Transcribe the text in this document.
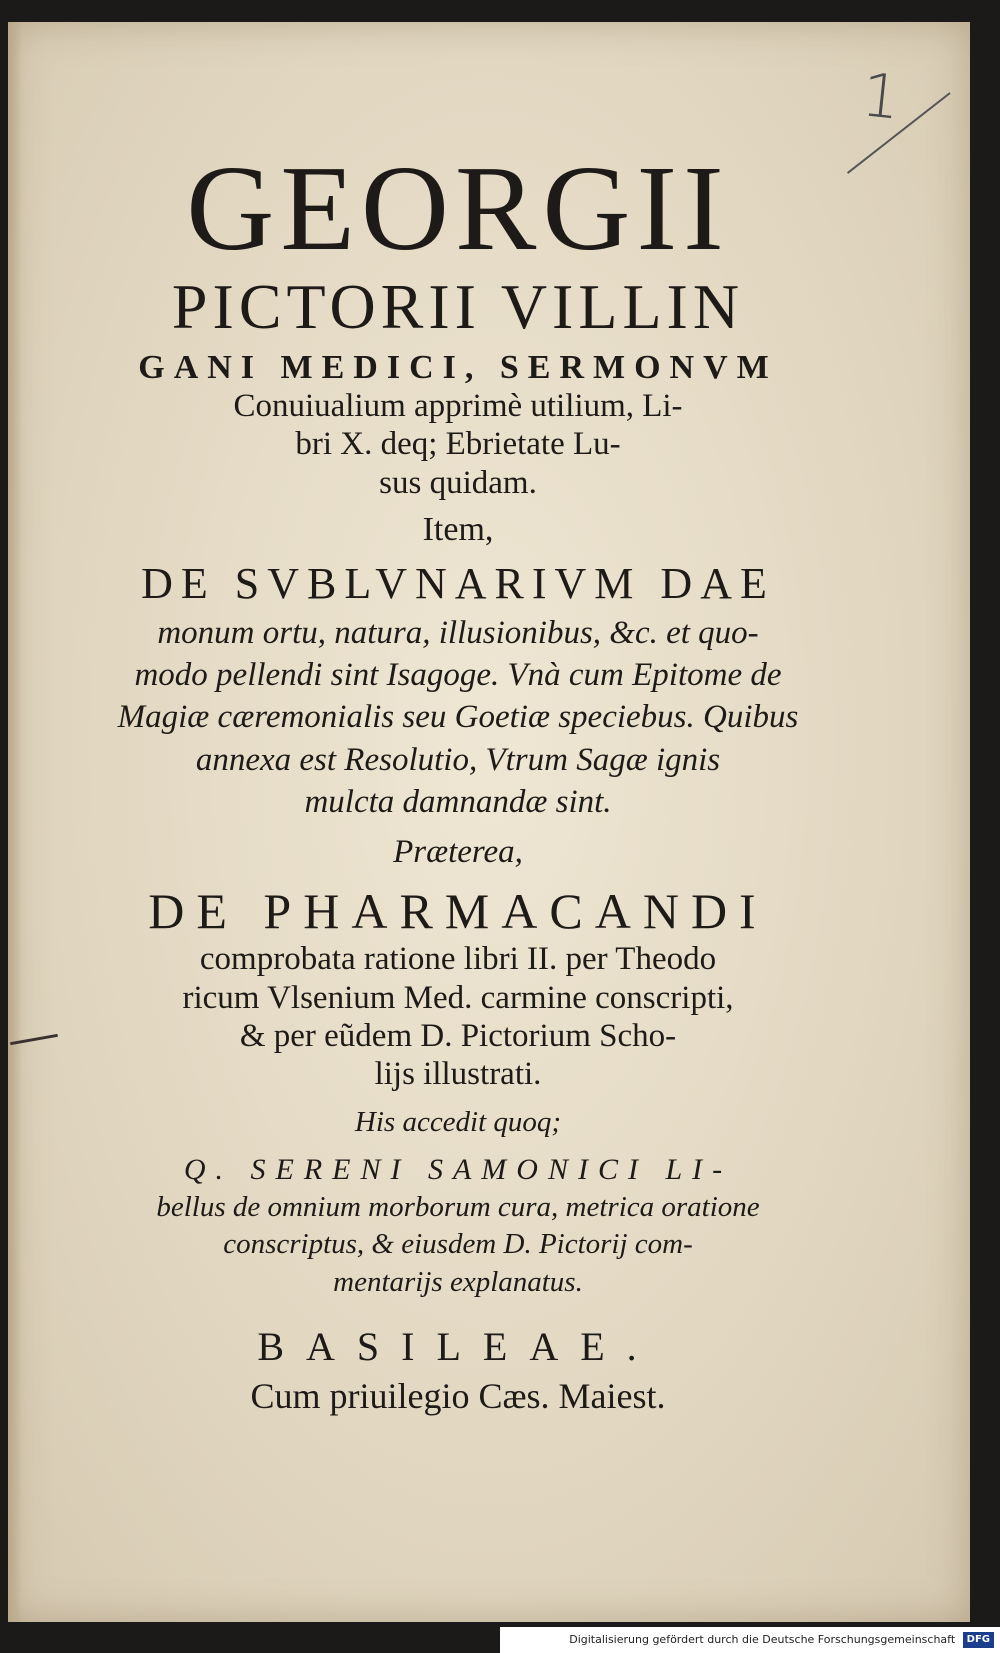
1

GEORGII

PICTORII VILLIN

GANI MEDICI, SERMONVM

Conuiualium apprimè utilium, Li-

bri X. deq; Ebrietate Lu-

sus quidam.

Item,

DE SVBLVNARIVM DAE

monum ortu, natura, illusionibus, &c. et quo-

modo pellendi sint Isagoge. Vnà cum Epitome de

Magiæ cæremonialis seu Goetiæ speciebus. Quibus

annexa est Resolutio, Vtrum Sagæ ignis

mulcta damnandæ sint.

Præterea,

DE PHARMACANDI

comprobata ratione libri II. per Theodo

ricum Vlsenium Med. carmine conscripti,

& per eũdem D. Pictorium Scho-

lijs illustrati.

His accedit quoq;

Q. SERENI SAMONICI LI-

bellus de omnium morborum cura, metrica oratione

conscriptus, & eiusdem D. Pictorij com-

mentarijs explanatus.

BASILEAE.

Cum priuilegio Cæs. Maiest.

Digitalisierung gefördert durch die Deutsche Forschungsgemeinschaft DFG
